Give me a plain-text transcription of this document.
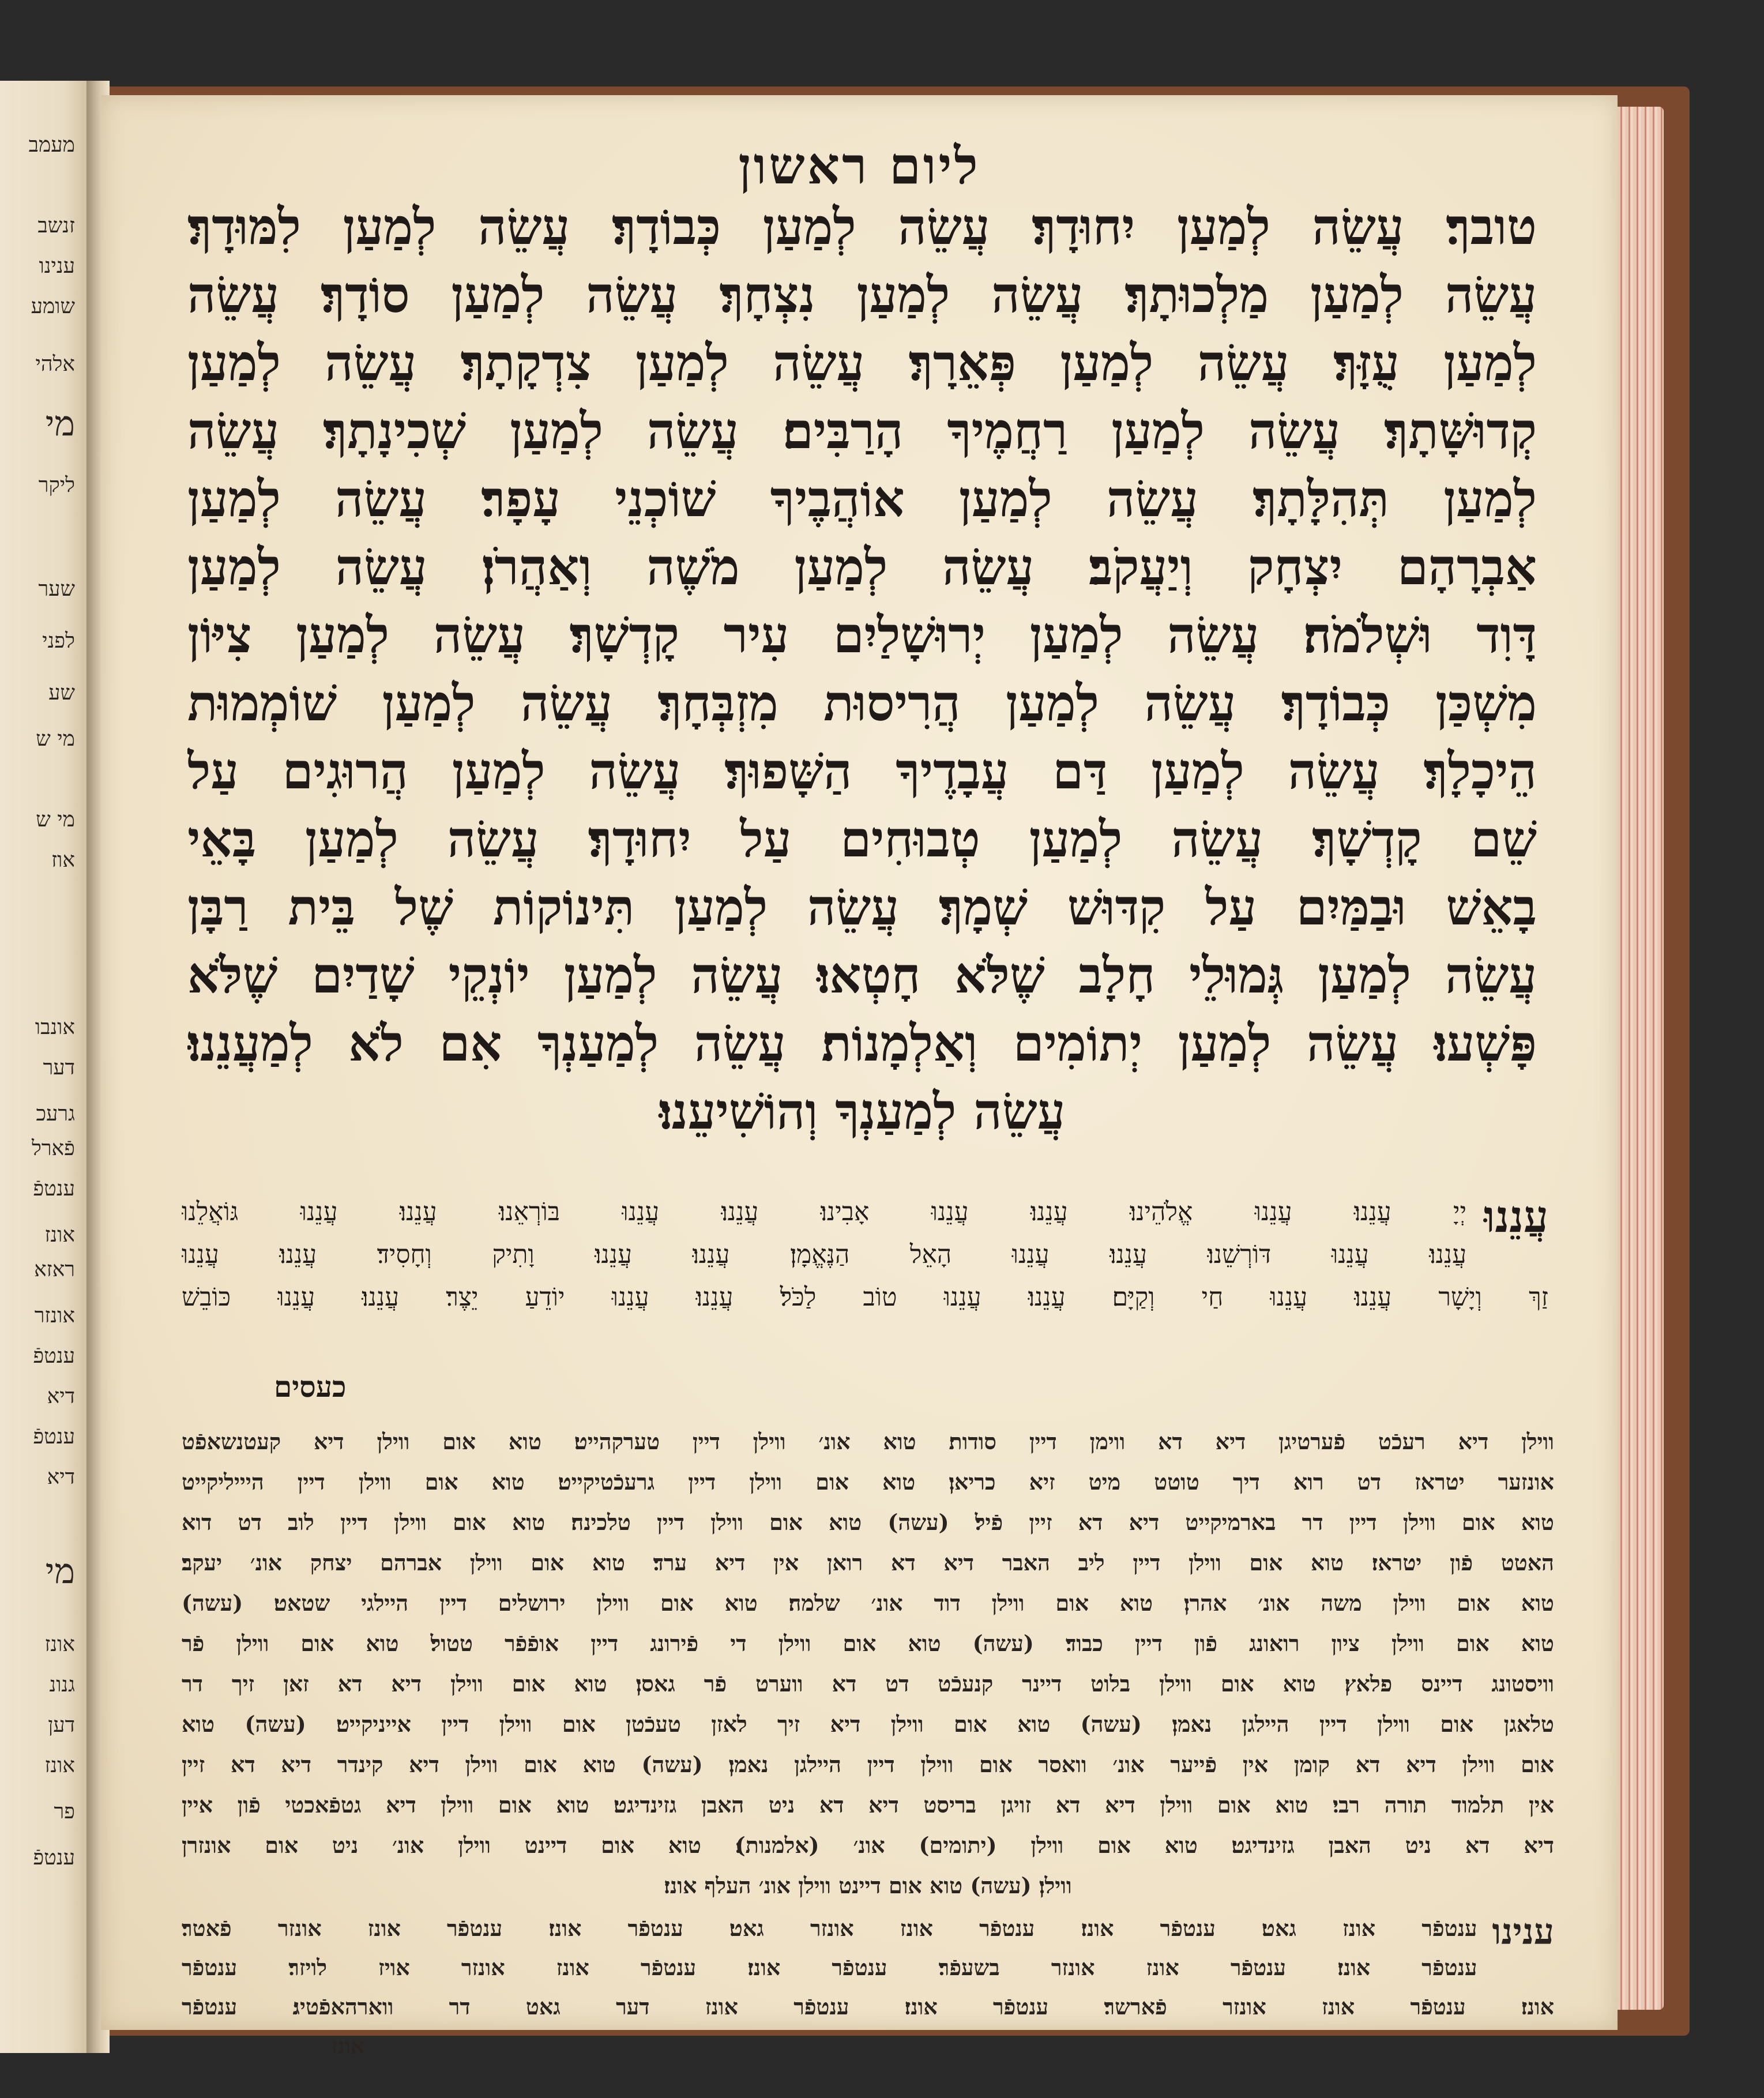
מעמב
זנשב
ענינו
שומע
אלהי
מי
ליקר
שער
לפני
שע
מי ש
מי ש
אוז
אונבו
דער
גרעכ
פֿארל
ענטפֿ
אונז
ראזא
אונזר
ענטפֿ
דיא
ענטפֿ
דיא
מי
אונז
גנונ
דען
אונז
פר
ענטפֿ
ליום ראשון
טובך׃ עֲשֵׂה לְמַעַן יִחוּדָךְ׃ עֲשֵׂה לְמַעַן כְּבוֹדָךְ׃ עֲשֵׂה לְמַעַן לִמּוּדָךְ׃
עֲשֵׂה לְמַעַן מַלְכוּתָךְ׃ עֲשֵׂה לְמַעַן נִצְחָךְ׃ עֲשֵׂה לְמַעַן סוֹדָךְ׃ עֲשֵׂה
לְמַעַן עֻזָּךְ׃ עֲשֵׂה לְמַעַן פְּאֵרָךְ׃ עֲשֵׂה לְמַעַן צִדְקָתָךְ׃ עֲשֵׂה לְמַעַן
קְדוּשָּׁתָךְ׃ עֲשֵׂה לְמַעַן רַחֲמֶיךָ הָרַבִּים׃ עֲשֵׂה לְמַעַן שְׁכִינָתָךְ׃ עֲשֵׂה
לְמַעַן תְּהִלָּתָךְ׃ עֲשֵׂה לְמַעַן אוֹהֲבֶיךָ שׁוֹכְנֵי עָפָר׃ עֲשֵׂה לְמַעַן
אַבְרָהָם יִצְחָק וְיַעֲקֹב׃ עֲשֵׂה לְמַעַן מֹשֶׁה וְאַהֲרֹן׃ עֲשֵׂה לְמַעַן
דָּוִד וּשְׁלֹמֹה׃ עֲשֵׂה לְמַעַן יְרוּשָׁלַיִם עִיר קָדְשָׁךְ׃ עֲשֵׂה לְמַעַן צִיּוֹן
מִשְׁכַּן כְּבוֹדָךְ׃ עֲשֵׂה לְמַעַן הֲרִיסוּת מִזְבְּחָךְ׃ עֲשֵׂה לְמַעַן שׁוֹמְמוּת
הֵיכָלָךְ׃ עֲשֵׂה לְמַעַן דַּם עֲבָדֶיךָ הַשָּׁפוּךְ׃ עֲשֵׂה לְמַעַן הֲרוּגִים עַל
שֵׁם קָדְשָׁךְ׃ עֲשֵׂה לְמַעַן טְבוּחִים עַל יִחוּדָךְ׃ עֲשֵׂה לְמַעַן בָּאֵי
בָאֵשׁ וּבַמַּיִם עַל קִדּוּשׁ שְׁמָךְ׃ עֲשֵׂה לְמַעַן תִּינוֹקוֹת שֶׁל בֵּית רַבָּן
עֲשֵׂה לְמַעַן גְּמוּלֵי חָלָב שֶׁלֹּא חָטְאוּ׃ עֲשֵׂה לְמַעַן יוֹנְקֵי שָׁדַיִם שֶׁלֹּא
פָּשְׁעוּ׃ עֲשֵׂה לְמַעַן יְתוֹמִים וְאַלְמָנוֹת׃ עֲשֵׂה לְמַעַנְךָ אִם לֹא לְמַעֲנֵנוּ׃
עֲשֵׂה לְמַעַנְךָ וְהוֹשִׁיעֵנוּ׃
עֲנֵנוּ
יְיָ עֲנֵנוּ׃ עֲנֵנוּ אֱלֹהֵינוּ׃ עֲנֵנוּ׃ עֲנֵנוּ אָבִינוּ׃ עֲנֵנוּ׃ עֲנֵנוּ בּוֹרְאֵנוּ׃ עֲנֵנוּ׃ עֲנֵנוּ גּוֹאֲלֵנוּ
עֲנֵנוּ׃ עֲנֵנוּ דּוֹרְשֵׁנוּ׃ עֲנֵנוּ׃ עֲנֵנוּ הָאֵל הַנֶּאֱמָן׃ עֲנֵנוּ׃ עֲנֵנוּ׃ וָתִיק וְחָסִיד׃ עֲנֵנוּ׃ עֲנֵנוּ
זַךְ וְיָשָׁר עֲנֵנוּ׃ עֲנֵנוּ חַי וְקַיָּם׃ עֲנֵנוּ׃ עֲנֵנוּ טוֹב לַכֹּל׃ עֲנֵנוּ׃ עֲנֵנוּ יוֹדֵעַ יֵצֶר׃ עֲנֵנוּ׃ עֲנֵנוּ כּוֹבֵשׁ
כעסים
ווילן דיא רעכֿט פֿערטיגן דיא דא ווימן דיין סודות׃ טוא אונ׳ ווילן דיין טערקהייט׃ טוא אום ווילן דיא קעטנשאפֿט
אונזער יטראז דט רוא דיך טוטט מיט זיא כריאן׃ טוא אום ווילן דיין גרעכֿטיקייט׃ טוא אום ווילן דיין היייליקייט
טוא אום ווילן דיין דר בארמיקייט דיא דא זיין פֿיל׃ (עשה) טוא אום ווילן דיין טלכינה׃ טוא אום ווילן דיין לוב דט דוא
האטט פֿון יטראז׃ טוא אום ווילן דיין ליב האבר דיא דא רואן אין דיא ערד׃ טוא אום ווילן אברהם יצחק אונ׳ יעקב׃
טוא אום ווילן משה אונ׳ אהרן׃ טוא אום ווילן דוד אונ׳ שלמה׃ טוא אום ווילן ירושלים דיין היילגי שטאט׃ (עשה)
טוא אום ווילן ציון רואונג פֿון דיין כבוד׃ (עשה) טוא אום ווילן די פֿירונג דיין אופֿפֿר טטול׃ טוא אום ווילן פֿר
וויסטונג דיינס פלאץ׃ טוא אום ווילן בלוט דיינר קנעכֿט דט דא ווערט פֿר גאסן׃ טוא אום ווילן דיא דא זאן זיך דר
טלאגן אום ווילן דיין היילגן נאמן׃ (עשה) טוא אום ווילן דיא זיך לאזן טעכֿטן אום ווילן דיין אייניקייט׃ (עשה) טוא
אום ווילן דיא דא קומן אין פֿייער אונ׳ וואסר אום ווילן דיין היילגן נאמן׃ (עשה) טוא אום ווילן דיא קינדר דיא דא זיין
אין תלמוד תורה רבי׃ טוא אום ווילן דיא דא זויגן בריסט דיא דא ניט האבן גזינדיגט׃ טוא אום ווילן דיא גטפֿאכטי פֿון איין
דיא דא ניט האבן גזינדיגט׃ טוא אום ווילן (יתומים) אונ׳ (אלמנות)׃ טוא אום דיינט ווילן אונ׳ ניט אום אונזרן
ווילן׃ (עשה) טוא אום דיינט ווילן אונ׳ העלף אונז׃
ענינו
ענטפֿר אונז גאט׃ ענטפֿר אונז׃ ענטפֿר אונז אונזר גאט׃ ענטפֿר אונז׃ ענטפֿר אונז אונזר פֿאטר׃
ענטפֿר אונז׃ ענטפֿר אונז אונזר בשעפֿר׃ ענטפֿר אונז׃ ענטפֿר אונז אונזר אויז לויזר׃ ענטפֿר
אונז׃ ענטפֿר אונז אונזר פֿארשר׃ ענטפֿר אונז׃ ענטפֿר אונז דער גאט דר ווארהאפֿטיג׃ ענטפֿר
אונז
